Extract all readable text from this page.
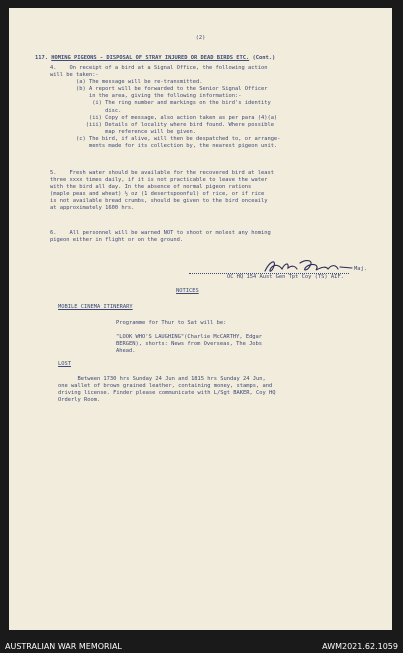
(2)
117. HOMING PIGEONS - DISPOSAL OF STRAY INJURED OR DEAD BIRDS ETC. (Cont.)
4.    On receipt of a bird at a Signal Office, the following action
will be taken:-
(a) The message will be re-transmitted.
(b) A report will be forwarded to the Senior Signal Officer
in the area, giving the following information:-
(i) The ring number and markings on the bird's identity
disc.
(ii) Copy of message, also action taken as per para (4)(a)
(iii) Details of locality where bird found. Where possible
map reference will be given.
(c) The bird, if alive, will then be despatched to, or arrange-
ments made for its collection by, the nearest pigeon unit.
5.    Fresh water should be available for the recovered bird at least
three xxxx times daily, if it is not practicable to leave the water
with the bird all day. In the absence of normal pigeon rations
(maple peas and wheat) ½ oz (1 desertspoonful) of rice, or if rice
is not available bread crumbs, should be given to the bird onceaily
at approximately 1600 hrs.
6.    All personnel will be warned NOT to shoot or molest any homing
pigeon either in flight or on the ground.
Maj.
OC HQ 154 Aust Gen Tpt Coy (TS) AIF.
NOTICES
MOBILE CINEMA ITINERARY
Programme for Thur to Sat will be:

"LOOK WHO'S LAUGHING"(Charlie McCARTHY, Edgar
BERGEN), shorts: News from Overseas, The Jobs
Ahead.
LOST
Between 1730 hrs Sunday 24 Jun and 1815 hrs Sunday 24 Jun,
one wallet of brown grained leather, containing money, stamps, and
driving license. Finder please communicate with L/Sgt BAKER, Coy HQ
Orderly Room.
AUSTRALIAN WAR MEMORIAL	AWM2021.62.1059
